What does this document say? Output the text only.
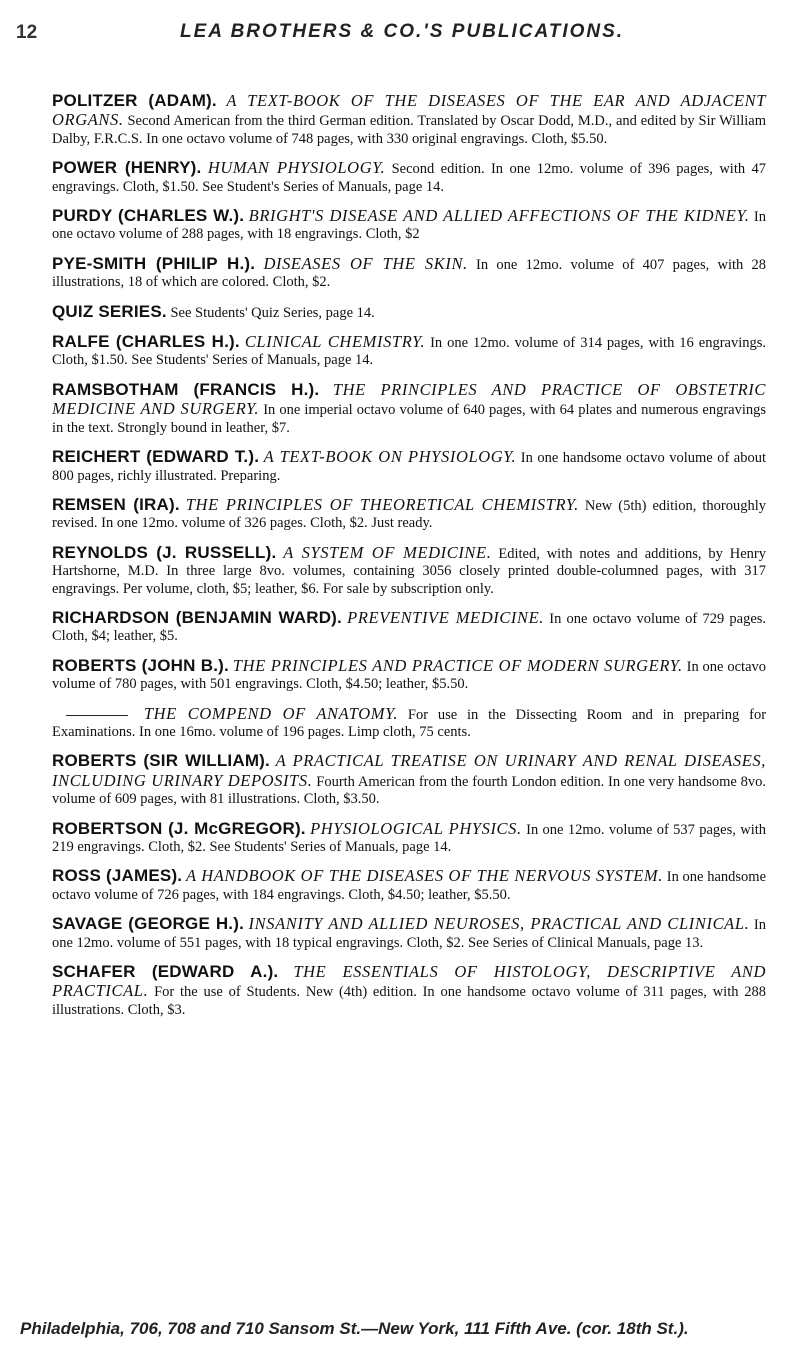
12	LEA BROTHERS & CO.'S PUBLICATIONS.

POLITZER (ADAM). A TEXT-BOOK OF THE DISEASES OF THE EAR AND ADJACENT ORGANS. Second American from the third German edition. Translated by Oscar Dodd, M.D., and edited by Sir William Dalby, F.R.C.S. In one octavo volume of 748 pages, with 330 original engravings. Cloth, $5.50.

POWER (HENRY). HUMAN PHYSIOLOGY. Second edition. In one 12mo. volume of 396 pages, with 47 engravings. Cloth, $1.50. See Student's Series of Manuals, page 14.

PURDY (CHARLES W.). BRIGHT'S DISEASE AND ALLIED AFFECTIONS OF THE KIDNEY. In one octavo volume of 288 pages, with 18 engravings. Cloth, $2

PYE-SMITH (PHILIP H.). DISEASES OF THE SKIN. In one 12mo. volume of 407 pages, with 28 illustrations, 18 of which are colored. Cloth, $2.

QUIZ SERIES. See Students' Quiz Series, page 14.

RALFE (CHARLES H.). CLINICAL CHEMISTRY. In one 12mo. volume of 314 pages, with 16 engravings. Cloth, $1.50. See Students' Series of Manuals, page 14.

RAMSBOTHAM (FRANCIS H.). THE PRINCIPLES AND PRACTICE OF OBSTETRIC MEDICINE AND SURGERY. In one imperial octavo volume of 640 pages, with 64 plates and numerous engravings in the text. Strongly bound in leather, $7.

REICHERT (EDWARD T.). A TEXT-BOOK ON PHYSIOLOGY. In one handsome octavo volume of about 800 pages, richly illustrated. Preparing.

REMSEN (IRA). THE PRINCIPLES OF THEORETICAL CHEMISTRY. New (5th) edition, thoroughly revised. In one 12mo. volume of 326 pages. Cloth, $2. Just ready.

REYNOLDS (J. RUSSELL). A SYSTEM OF MEDICINE. Edited, with notes and additions, by Henry Hartshorne, M.D. In three large 8vo. volumes, containing 3056 closely printed double-columned pages, with 317 engravings. Per volume, cloth, $5; leather, $6. For sale by subscription only.

RICHARDSON (BENJAMIN WARD). PREVENTIVE MEDICINE. In one octavo volume of 729 pages. Cloth, $4; leather, $5.

ROBERTS (JOHN B.). THE PRINCIPLES AND PRACTICE OF MODERN SURGERY. In one octavo volume of 780 pages, with 501 engravings. Cloth, $4.50; leather, $5.50.

THE COMPEND OF ANATOMY. For use in the Dissecting Room and in preparing for Examinations. In one 16mo. volume of 196 pages. Limp cloth, 75 cents.

ROBERTS (SIR WILLIAM). A PRACTICAL TREATISE ON URINARY AND RENAL DISEASES, INCLUDING URINARY DEPOSITS. Fourth American from the fourth London edition. In one very handsome 8vo. volume of 609 pages, with 81 illustrations. Cloth, $3.50.

ROBERTSON (J. McGREGOR). PHYSIOLOGICAL PHYSICS. In one 12mo. volume of 537 pages, with 219 engravings. Cloth, $2. See Students' Series of Manuals, page 14.

ROSS (JAMES). A HANDBOOK OF THE DISEASES OF THE NERVOUS SYSTEM. In one handsome octavo volume of 726 pages, with 184 engravings. Cloth, $4.50; leather, $5.50.

SAVAGE (GEORGE H.). INSANITY AND ALLIED NEUROSES, PRACTICAL AND CLINICAL. In one 12mo. volume of 551 pages, with 18 typical engravings. Cloth, $2. See Series of Clinical Manuals, page 13.

SCHAFER (EDWARD A.). THE ESSENTIALS OF HISTOLOGY, DESCRIPTIVE AND PRACTICAL. For the use of Students. New (4th) edition. In one handsome octavo volume of 311 pages, with 288 illustrations. Cloth, $3.

Philadelphia, 706, 708 and 710 Sansom St.—New York, 111 Fifth Ave. (cor. 18th St.).
